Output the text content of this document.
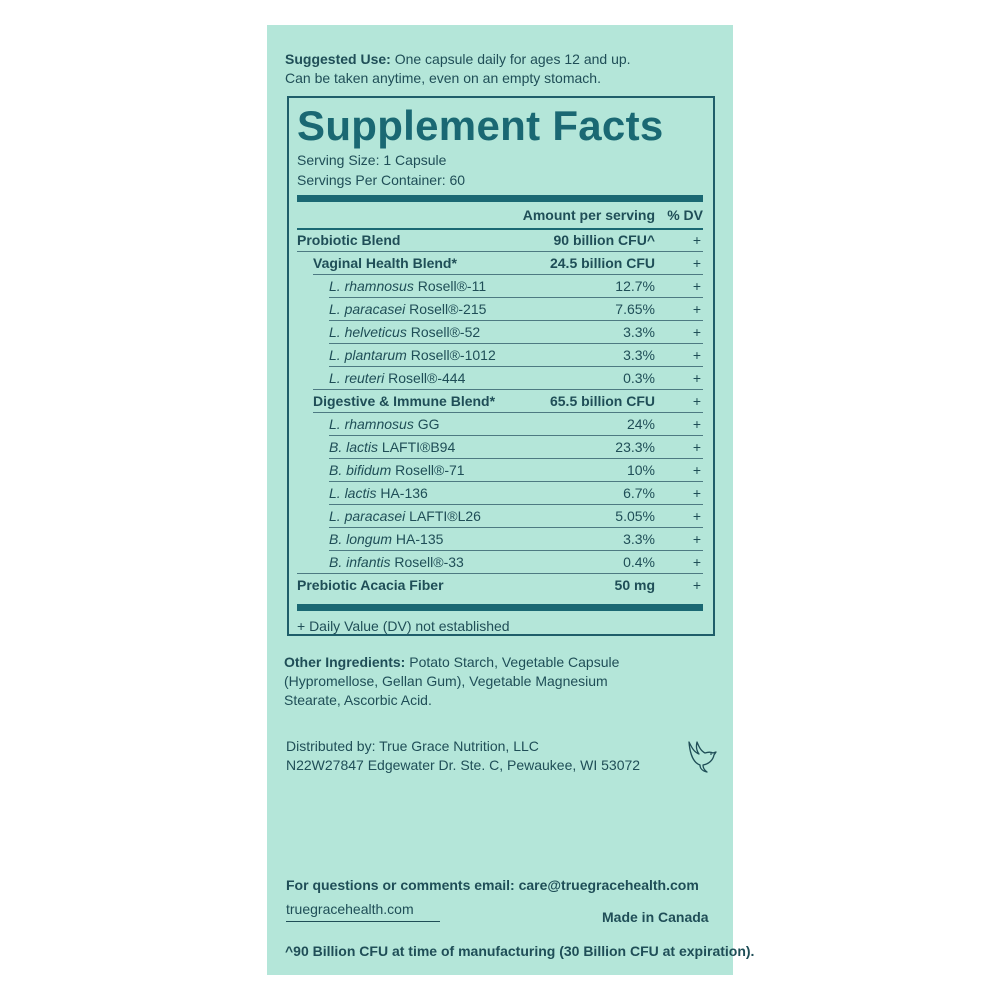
Suggested Use: One capsule daily for ages 12 and up.
Can be taken anytime, even on an empty stomach.
Supplement Facts
Serving Size: 1 Capsule
Servings Per Container: 60
Amount per serving % DV
Probiotic Blend	90 billion CFU^	+
Vaginal Health Blend*	24.5 billion CFU	+
L. rhamnosus Rosell®-11	12.7%	+
L. paracasei Rosell®-215	7.65%	+
L. helveticus Rosell®-52	3.3%	+
L. plantarum Rosell®-1012	3.3%	+
L. reuteri Rosell®-444	0.3%	+
Digestive & Immune Blend*	65.5 billion CFU	+
L. rhamnosus GG	24%	+
B. lactis LAFTI®B94	23.3%	+
B. bifidum Rosell®-71	10%	+
L. lactis HA-136	6.7%	+
L. paracasei LAFTI®L26	5.05%	+
B. longum HA-135	3.3%	+
B. infantis Rosell®-33	0.4%	+
Prebiotic Acacia Fiber	50 mg	+
+ Daily Value (DV) not established
Other Ingredients: Potato Starch, Vegetable Capsule
(Hypromellose, Gellan Gum), Vegetable Magnesium
Stearate, Ascorbic Acid.
Distributed by: True Grace Nutrition, LLC
N22W27847 Edgewater Dr. Ste. C, Pewaukee, WI 53072
For questions or comments email: care@truegracehealth.com
truegracehealth.com	Made in Canada
^90 Billion CFU at time of manufacturing (30 Billion CFU at expiration).
